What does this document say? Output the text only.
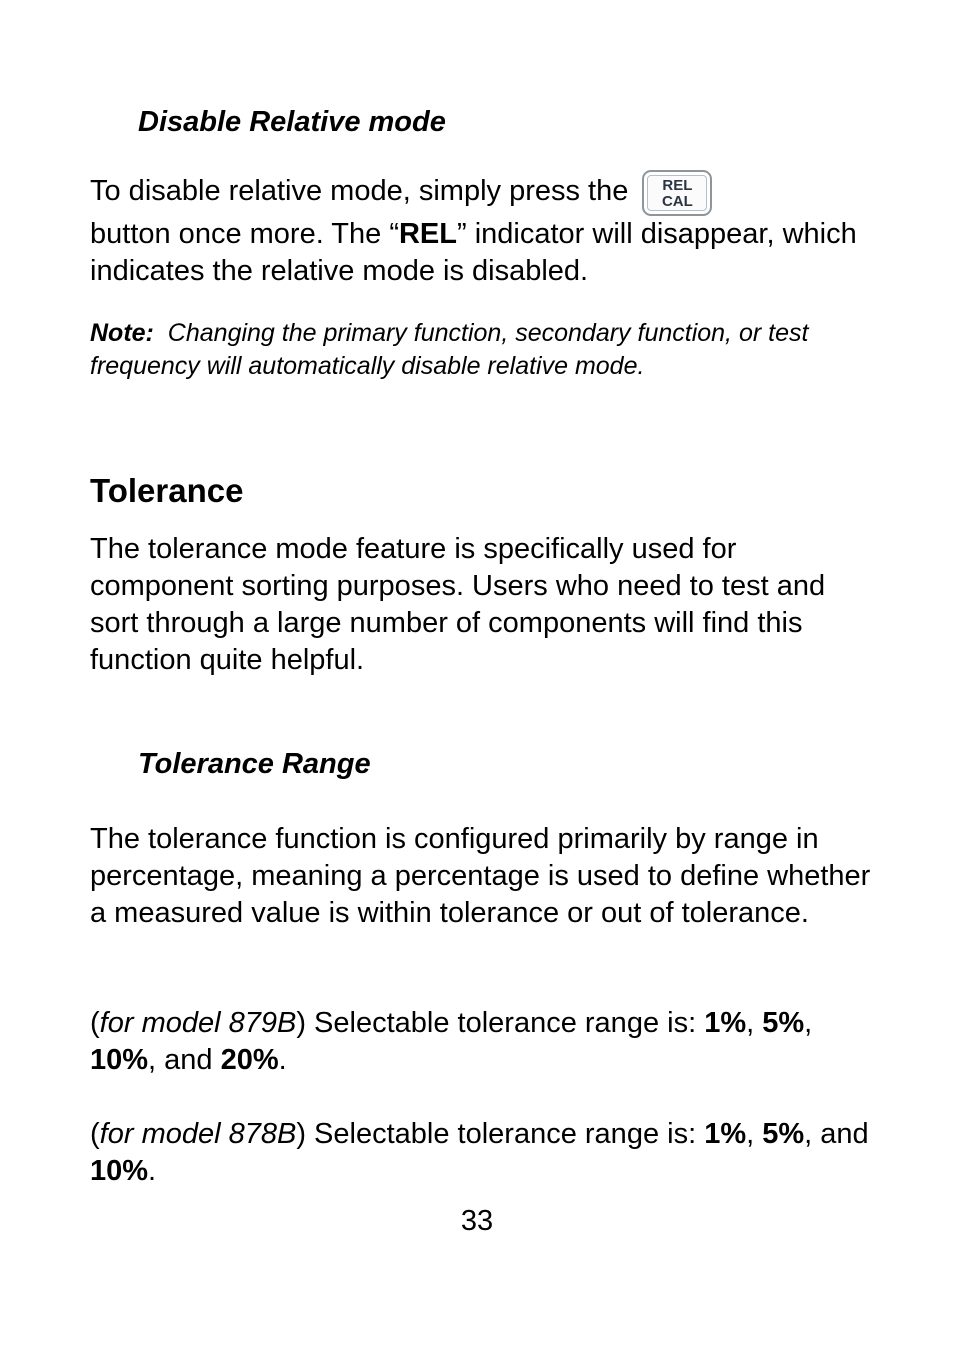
Disable Relative mode
To disable relative mode, simply press the	REL
CAL

button once more. The “REL” indicator will disappear, which indicates the relative mode is disabled.
Note: Changing the primary function, secondary function, or test frequency will automatically disable relative mode.
Tolerance
The tolerance mode feature is specifically used for component sorting purposes. Users who need to test and sort through a large number of components will find this function quite helpful.
Tolerance Range
The tolerance function is configured primarily by range in percentage, meaning a percentage is used to define whether a measured value is within tolerance or out of tolerance.
(for model 879B) Selectable tolerance range is: 1%, 5%, 10%, and 20%.
(for model 878B) Selectable tolerance range is: 1%, 5%, and 10%.
33
